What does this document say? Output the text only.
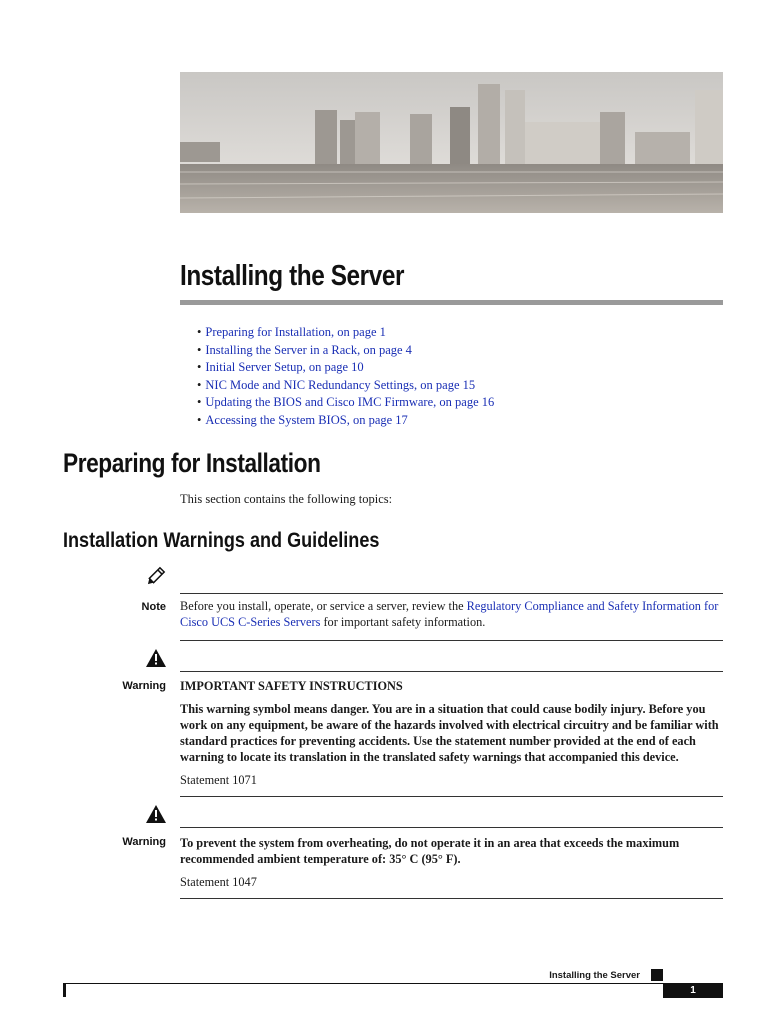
Installing the Server
• Preparing for Installation, on page 1
• Installing the Server in a Rack, on page 4
• Initial Server Setup, on page 10
• NIC Mode and NIC Redundancy Settings, on page 15
• Updating the BIOS and Cisco IMC Firmware, on page 16
• Accessing the System BIOS, on page 17
Preparing for Installation
This section contains the following topics:
Installation Warnings and Guidelines
Note Before you install, operate, or service a server, review the Regulatory Compliance and Safety Information for Cisco UCS C-Series Servers for important safety information.
Warning IMPORTANT SAFETY INSTRUCTIONS
This warning symbol means danger. You are in a situation that could cause bodily injury. Before you work on any equipment, be aware of the hazards involved with electrical circuitry and be familiar with standard practices for preventing accidents. Use the statement number provided at the end of each warning to locate its translation in the translated safety warnings that accompanied this device.
Statement 1071
Warning To prevent the system from overheating, do not operate it in an area that exceeds the maximum recommended ambient temperature of: 35° C (95° F).
Statement 1047
Installing the Server
1
